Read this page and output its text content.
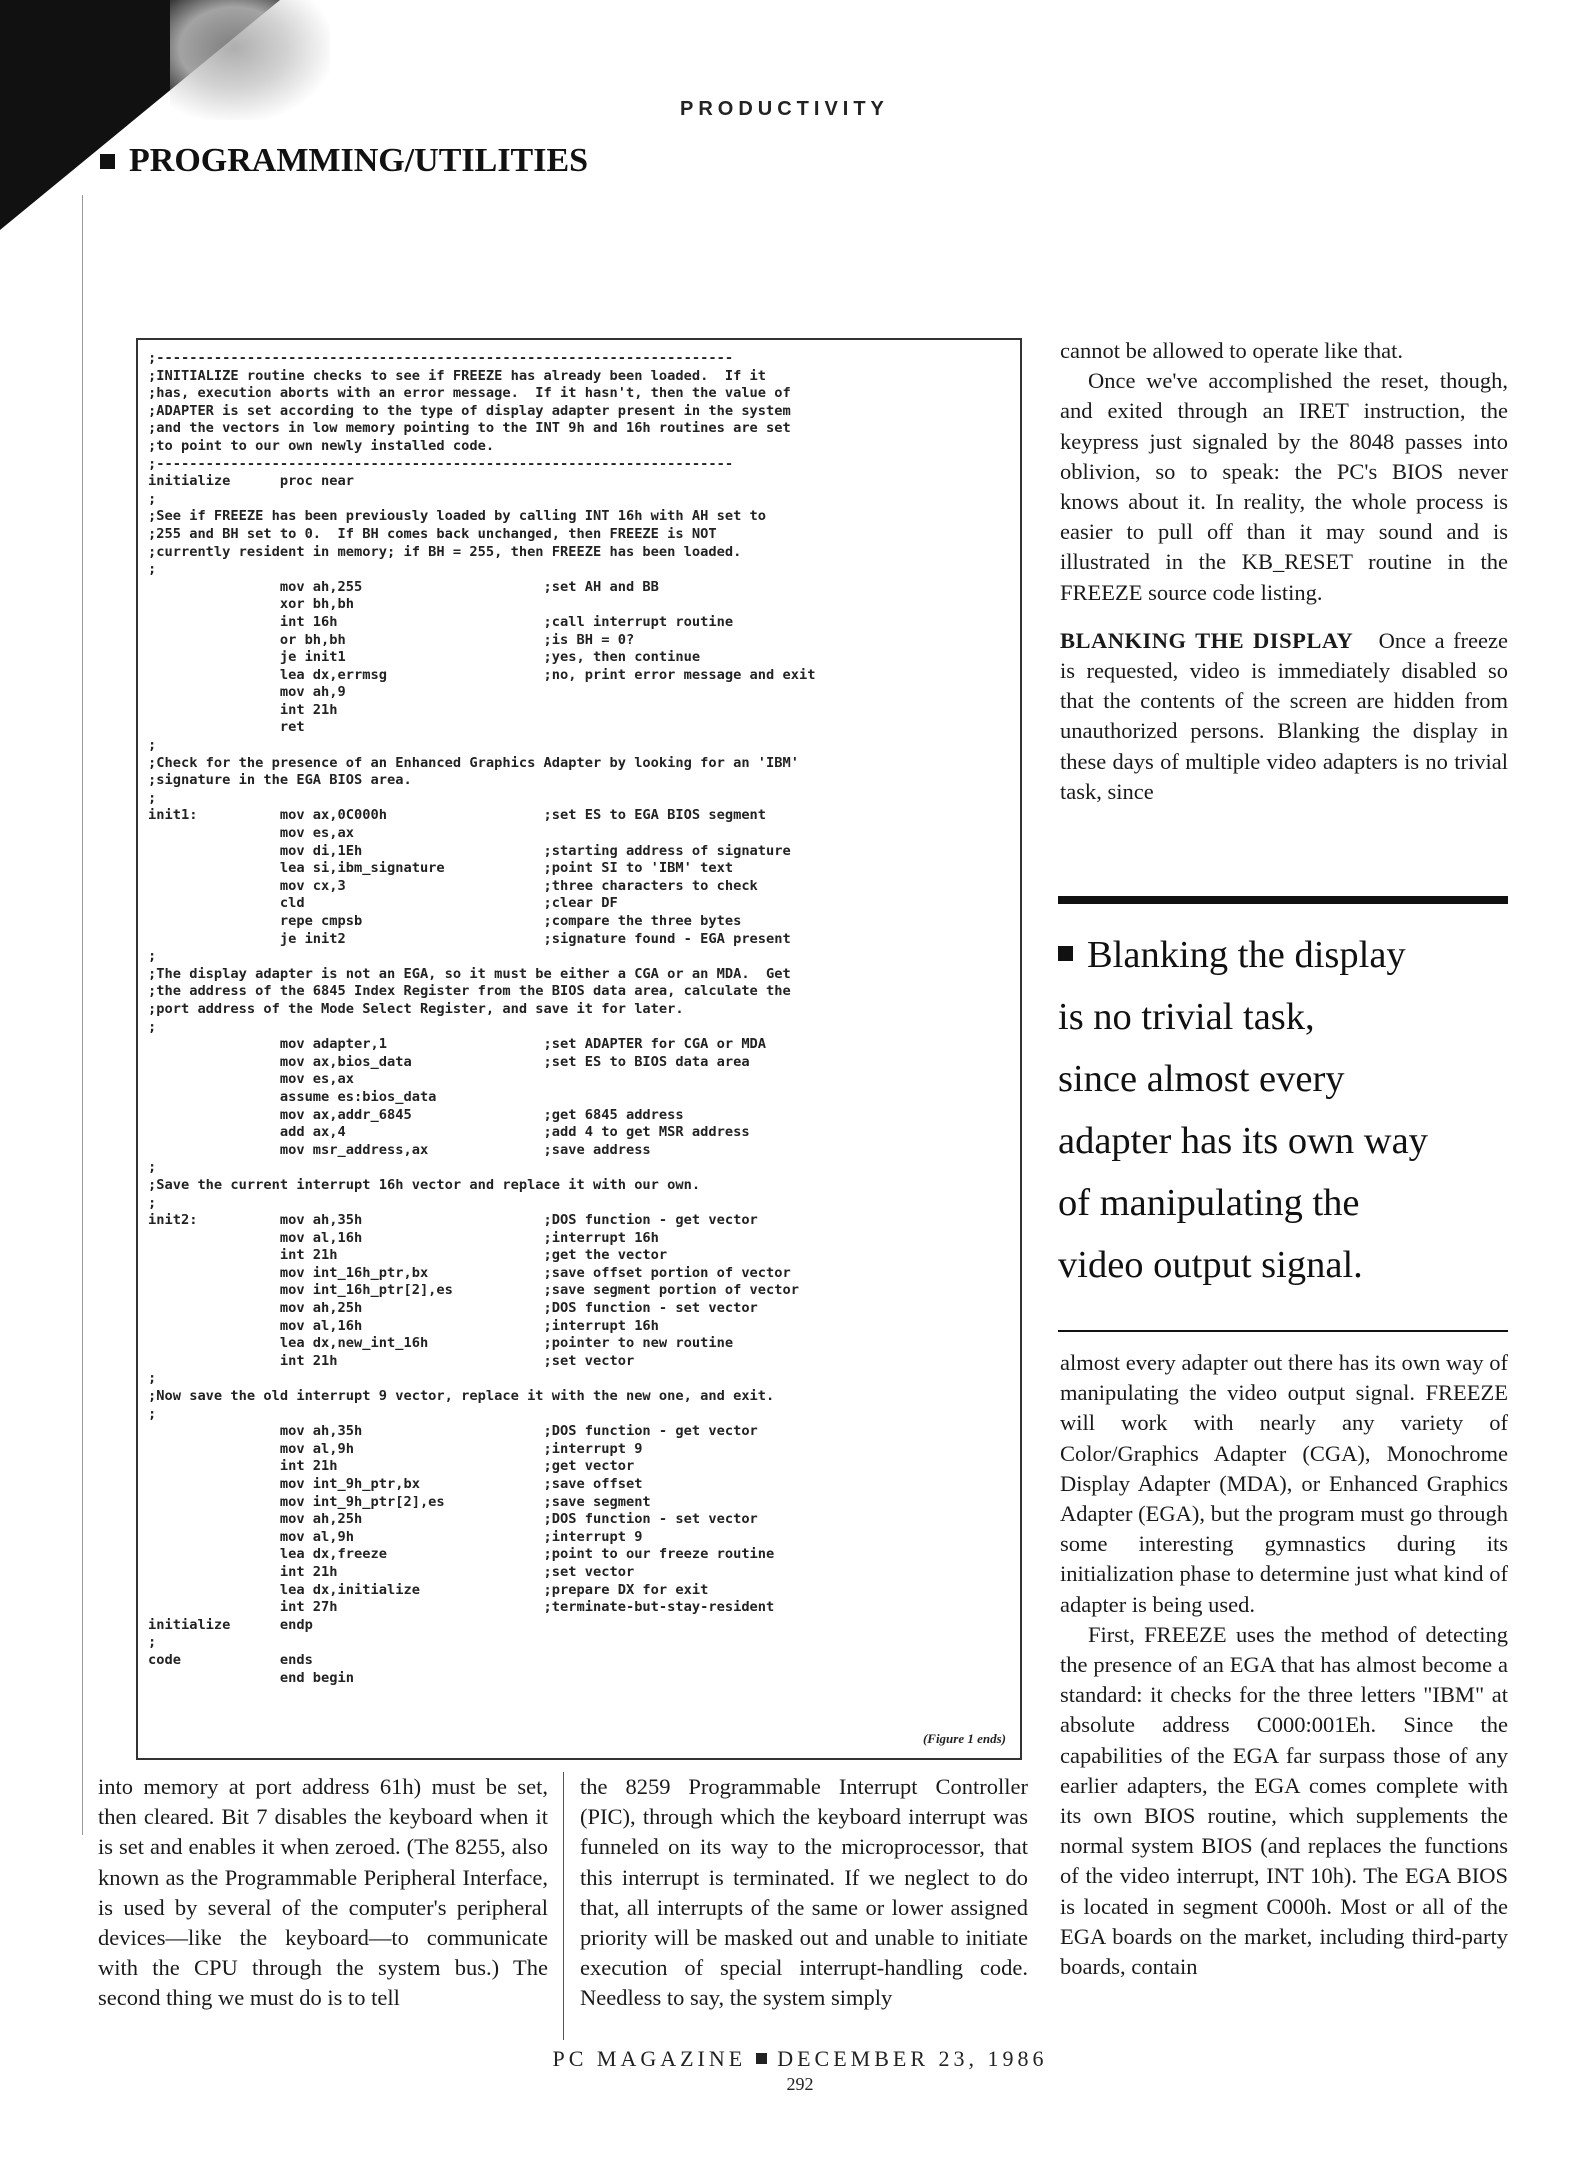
PRODUCTIVITY
PROGRAMMING/UTILITIES
;----------------------------------------------------------------------
;INITIALIZE routine checks to see if FREEZE has already been loaded.  If it
;has, execution aborts with an error message.  If it hasn't, then the value of
;ADAPTER is set according to the type of display adapter present in the system
;and the vectors in low memory pointing to the INT 9h and 16h routines are set
;to point to our own newly installed code.
;----------------------------------------------------------------------
initialize      proc near
;
;See if FREEZE has been previously loaded by calling INT 16h with AH set to
;255 and BH set to 0.  If BH comes back unchanged, then FREEZE is NOT
;currently resident in memory; if BH = 255, then FREEZE has been loaded.
;
mov ah,255                      ;set AH and BB
xor bh,bh
int 16h                         ;call interrupt routine
or bh,bh                        ;is BH = 0?
je init1                        ;yes, then continue
lea dx,errmsg                   ;no, print error message and exit
mov ah,9
int 21h
ret
;
;Check for the presence of an Enhanced Graphics Adapter by looking for an 'IBM'
;signature in the EGA BIOS area.
;
init1:          mov ax,0C000h                   ;set ES to EGA BIOS segment
mov es,ax
mov di,1Eh                      ;starting address of signature
lea si,ibm_signature            ;point SI to 'IBM' text
mov cx,3                        ;three characters to check
cld                             ;clear DF
repe cmpsb                      ;compare the three bytes
je init2                        ;signature found - EGA present
;
;The display adapter is not an EGA, so it must be either a CGA or an MDA.  Get
;the address of the 6845 Index Register from the BIOS data area, calculate the
;port address of the Mode Select Register, and save it for later.
;
mov adapter,1                   ;set ADAPTER for CGA or MDA
mov ax,bios_data                ;set ES to BIOS data area
mov es,ax
assume es:bios_data
mov ax,addr_6845                ;get 6845 address
add ax,4                        ;add 4 to get MSR address
mov msr_address,ax              ;save address
;
;Save the current interrupt 16h vector and replace it with our own.
;
init2:          mov ah,35h                      ;DOS function - get vector
mov al,16h                      ;interrupt 16h
int 21h                         ;get the vector
mov int_16h_ptr,bx              ;save offset portion of vector
mov int_16h_ptr[2],es           ;save segment portion of vector
mov ah,25h                      ;DOS function - set vector
mov al,16h                      ;interrupt 16h
lea dx,new_int_16h              ;pointer to new routine
int 21h                         ;set vector
;
;Now save the old interrupt 9 vector, replace it with the new one, and exit.
;
mov ah,35h                      ;DOS function - get vector
mov al,9h                       ;interrupt 9
int 21h                         ;get vector
mov int_9h_ptr,bx               ;save offset
mov int_9h_ptr[2],es            ;save segment
mov ah,25h                      ;DOS function - set vector
mov al,9h                       ;interrupt 9
lea dx,freeze                   ;point to our freeze routine
int 21h                         ;set vector
lea dx,initialize               ;prepare DX for exit
int 27h                         ;terminate-but-stay-resident
initialize      endp
;
code            ends
end begin
(Figure 1 ends)

into memory at port address 61h) must be set, then cleared. Bit 7 disables the keyboard when it is set and enables it when zeroed. (The 8255, also known as the Programmable Peripheral Interface, is used by several of the computer's peripheral devices—like the keyboard—to communicate with the CPU through the system bus.) The second thing we must do is to tell

the 8259 Programmable Interrupt Controller (PIC), through which the keyboard interrupt was funneled on its way to the microprocessor, that this interrupt is terminated. If we neglect to do that, all interrupts of the same or lower assigned priority will be masked out and unable to initiate execution of special interrupt-handling code. Needless to say, the system simply

cannot be allowed to operate like that.

Once we've accomplished the reset, though, and exited through an IRET instruction, the keypress just signaled by the 8048 passes into oblivion, so to speak: the PC's BIOS never knows about it. In reality, the whole process is easier to pull off than it may sound and is illustrated in the KB_RESET routine in the FREEZE source code listing.

BLANKING THE DISPLAY Once a freeze is requested, video is immediately disabled so that the contents of the screen are hidden from unauthorized persons. Blanking the display in these days of multiple video adapters is no trivial task, since

Blanking the display
is no trivial task,
since almost every
adapter has its own way
of manipulating the
video output signal.

almost every adapter out there has its own way of manipulating the video output signal. FREEZE will work with nearly any variety of Color/Graphics Adapter (CGA), Monochrome Display Adapter (MDA), or Enhanced Graphics Adapter (EGA), but the program must go through some interesting gymnastics during its initialization phase to determine just what kind of adapter is being used.

First, FREEZE uses the method of detecting the presence of an EGA that has almost become a standard: it checks for the three letters "IBM" at absolute address C000:001Eh. Since the capabilities of the EGA far surpass those of any earlier adapters, the EGA comes complete with its own BIOS routine, which supplements the normal system BIOS (and replaces the functions of the video interrupt, INT 10h). The EGA BIOS is located in segment C000h. Most or all of the EGA boards on the market, including third-party boards, contain

PC MAGAZINE DECEMBER 23, 1986
292
